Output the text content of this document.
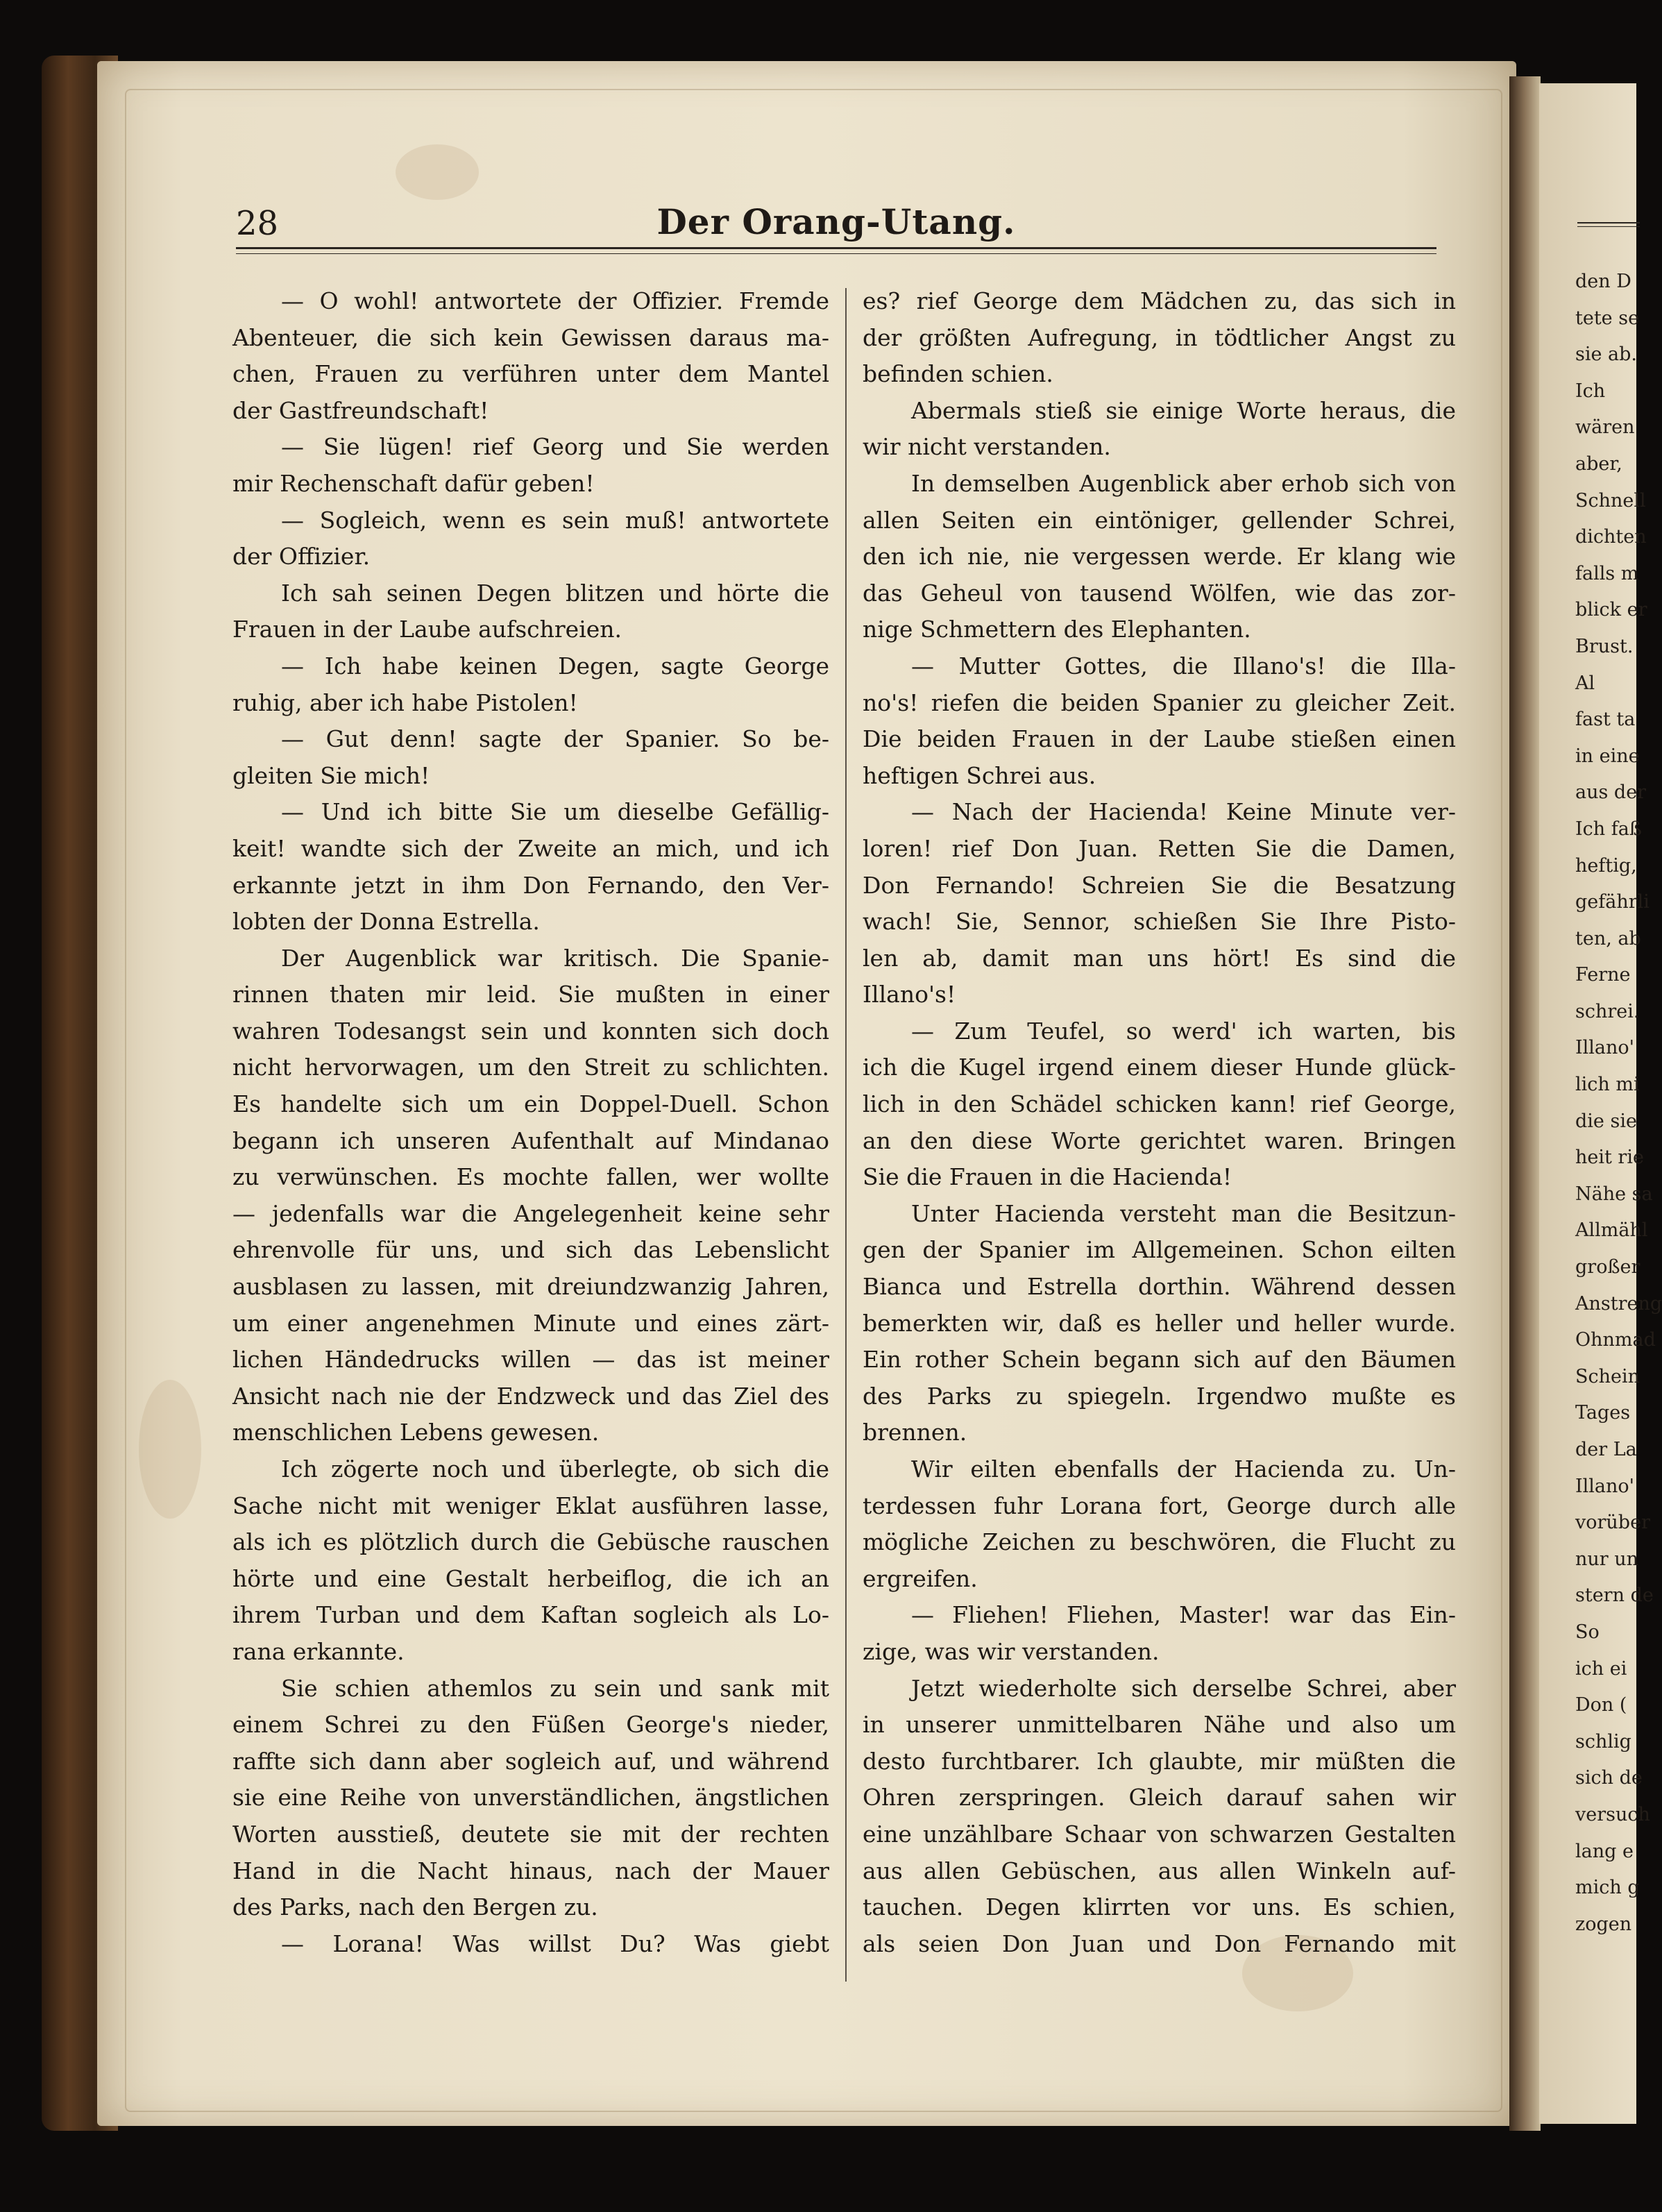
den D
tete se
sie ab.
Ich
wären
aber,
Schnell
dichten
falls m
blick er
Brust.
Al
fast ta
in eine
aus der
Ich faß
heftig,
gefährli
ten, ab
Ferne
schrei.
Illano'
lich mi
die sie
heit rie
Nähe sa
Allmähl
großer
Anstreng
Ohnmad
Schein
Tages
der La
Illano'
vorüber
nur un
stern de
So
ich ei
Don (
schlig
sich de
versuch
lang e
mich g
zogen
28	Der Orang-Utang.
— O wohl! antwortete der Offizier. Fremde
Abenteuer, die sich kein Gewissen daraus ma-
chen, Frauen zu verführen unter dem Mantel
der Gastfreundschaft!
— Sie lügen! rief Georg und Sie werden
mir Rechenschaft dafür geben!
— Sogleich, wenn es sein muß! antwortete
der Offizier.
Ich sah seinen Degen blitzen und hörte die
Frauen in der Laube aufschreien.
— Ich habe keinen Degen, sagte George
ruhig, aber ich habe Pistolen!
— Gut denn! sagte der Spanier. So be-
gleiten Sie mich!
— Und ich bitte Sie um dieselbe Gefällig-
keit! wandte sich der Zweite an mich, und ich
erkannte jetzt in ihm Don Fernando, den Ver-
lobten der Donna Estrella.
Der Augenblick war kritisch. Die Spanie-
rinnen thaten mir leid. Sie mußten in einer
wahren Todesangst sein und konnten sich doch
nicht hervorwagen, um den Streit zu schlichten.
Es handelte sich um ein Doppel-Duell. Schon
begann ich unseren Aufenthalt auf Mindanao
zu verwünschen. Es mochte fallen, wer wollte
— jedenfalls war die Angelegenheit keine sehr
ehrenvolle für uns, und sich das Lebenslicht
ausblasen zu lassen, mit dreiundzwanzig Jahren,
um einer angenehmen Minute und eines zärt-
lichen Händedrucks willen — das ist meiner
Ansicht nach nie der Endzweck und das Ziel des
menschlichen Lebens gewesen.
Ich zögerte noch und überlegte, ob sich die
Sache nicht mit weniger Eklat ausführen lasse,
als ich es plötzlich durch die Gebüsche rauschen
hörte und eine Gestalt herbeiflog, die ich an
ihrem Turban und dem Kaftan sogleich als Lo-
rana erkannte.
Sie schien athemlos zu sein und sank mit
einem Schrei zu den Füßen George's nieder,
raffte sich dann aber sogleich auf, und während
sie eine Reihe von unverständlichen, ängstlichen
Worten ausstieß, deutete sie mit der rechten
Hand in die Nacht hinaus, nach der Mauer
des Parks, nach den Bergen zu.
— Lorana! Was willst Du? Was giebt
es? rief George dem Mädchen zu, das sich in
der größten Aufregung, in tödtlicher Angst zu
befinden schien.
Abermals stieß sie einige Worte heraus, die
wir nicht verstanden.
In demselben Augenblick aber erhob sich von
allen Seiten ein eintöniger, gellender Schrei,
den ich nie, nie vergessen werde. Er klang wie
das Geheul von tausend Wölfen, wie das zor-
nige Schmettern des Elephanten.
— Mutter Gottes, die Illano's! die Illa-
no's! riefen die beiden Spanier zu gleicher Zeit.
Die beiden Frauen in der Laube stießen einen
heftigen Schrei aus.
— Nach der Hacienda! Keine Minute ver-
loren! rief Don Juan. Retten Sie die Damen,
Don Fernando! Schreien Sie die Besatzung
wach! Sie, Sennor, schießen Sie Ihre Pisto-
len ab, damit man uns hört! Es sind die
Illano's!
— Zum Teufel, so werd' ich warten, bis
ich die Kugel irgend einem dieser Hunde glück-
lich in den Schädel schicken kann! rief George,
an den diese Worte gerichtet waren. Bringen
Sie die Frauen in die Hacienda!
Unter Hacienda versteht man die Besitzun-
gen der Spanier im Allgemeinen. Schon eilten
Bianca und Estrella dorthin. Während dessen
bemerkten wir, daß es heller und heller wurde.
Ein rother Schein begann sich auf den Bäumen
des Parks zu spiegeln. Irgendwo mußte es
brennen.
Wir eilten ebenfalls der Hacienda zu. Un-
terdessen fuhr Lorana fort, George durch alle
mögliche Zeichen zu beschwören, die Flucht zu
ergreifen.
— Fliehen! Fliehen, Master! war das Ein-
zige, was wir verstanden.
Jetzt wiederholte sich derselbe Schrei, aber
in unserer unmittelbaren Nähe und also um
desto furchtbarer. Ich glaubte, mir müßten die
Ohren zerspringen. Gleich darauf sahen wir
eine unzählbare Schaar von schwarzen Gestalten
aus allen Gebüschen, aus allen Winkeln auf-
tauchen. Degen klirrten vor uns. Es schien,
als seien Don Juan und Don Fernando mit
